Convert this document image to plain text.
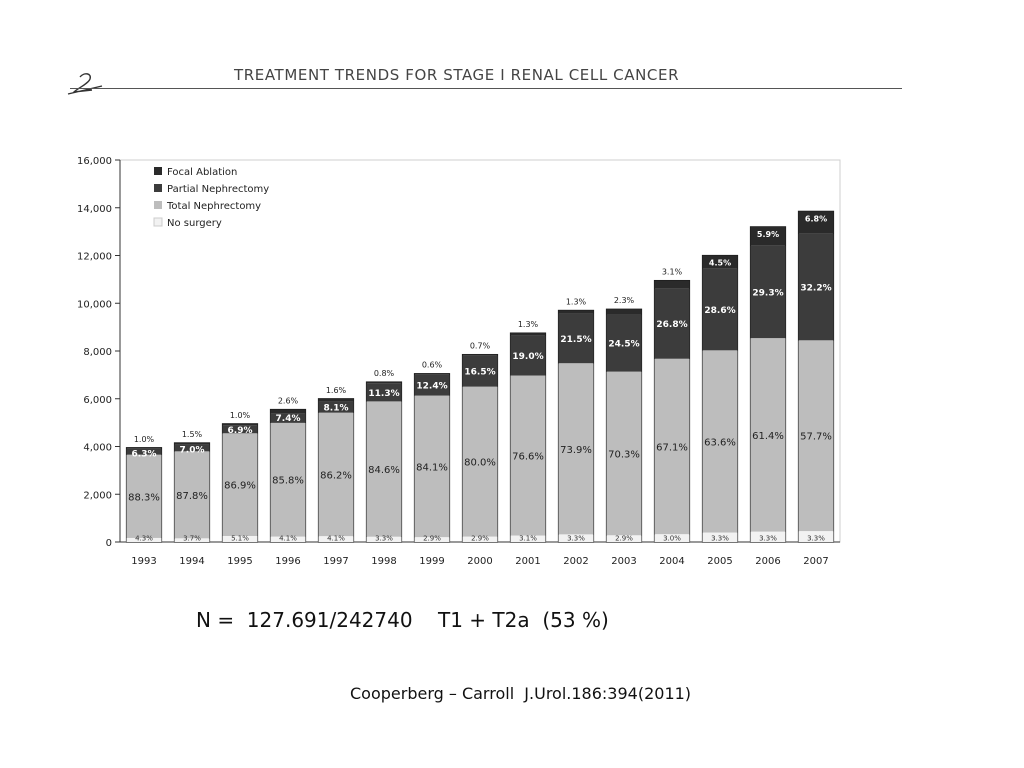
TREATMENT TRENDS FOR STAGE I RENAL CELL CANCER
0
2,000
4,000
6,000
8,000
10,000
12,000
14,000
16,000
4.3%
88.3%
6.3%
1.0%
1993
3.7%
87.8%
7.0%
1.5%
1994
5.1%
86.9%
6.9%
1.0%
1995
4.1%
85.8%
7.4%
2.6%
1996
4.1%
86.2%
8.1%
1.6%
1997
3.3%
84.6%
11.3%
0.8%
1998
2.9%
84.1%
12.4%
0.6%
1999
2.9%
80.0%
16.5%
0.7%
2000
3.1%
76.6%
19.0%
1.3%
2001
3.3%
73.9%
21.5%
1.3%
2002
2.9%
70.3%
24.5%
2.3%
2003
3.0%
67.1%
26.8%
3.1%
2004
3.3%
63.6%
28.6%
4.5%
2005
3.3%
61.4%
29.3%
5.9%
2006
3.3%
57.7%
32.2%
6.8%
2007
Focal Ablation
Partial Nephrectomy
Total Nephrectomy
No surgery
N =  127.691/242740    T1 + T2a  (53 %)
Cooperberg – Carroll  J.Urol.186:394(2011)
